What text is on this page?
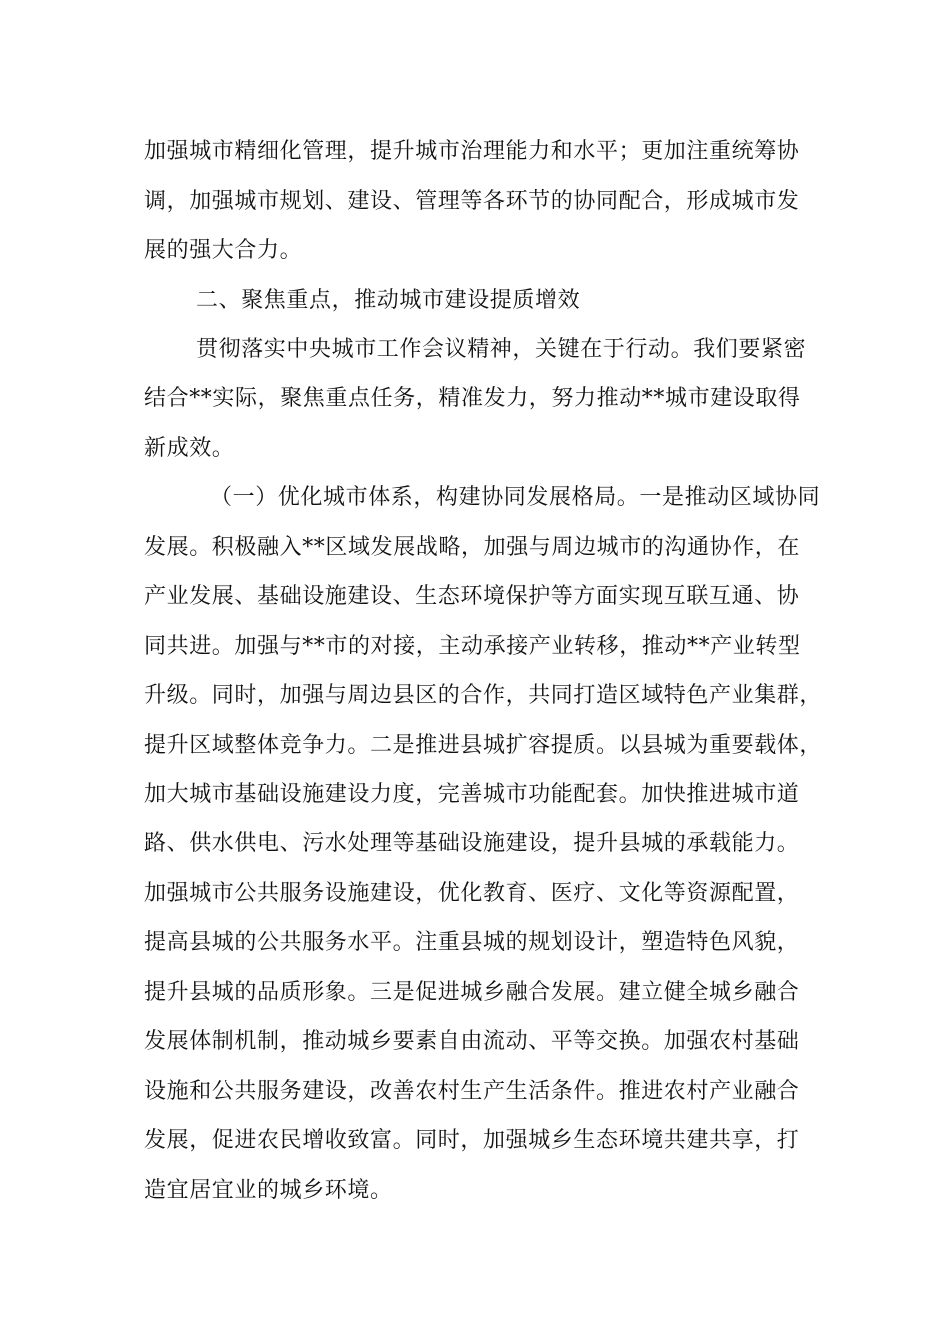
加强城市精细化管理，提升城市治理能力和水平；更加注重统筹协
调，加强城市规划、建设、管理等各环节的协同配合，形成城市发
展的强大合力。
二、聚焦重点，推动城市建设提质增效
贯彻落实中央城市工作会议精神，关键在于行动。我们要紧密
结合**实际，聚焦重点任务，精准发力，努力推动**城市建设取得
新成效。
（一）优化城市体系，构建协同发展格局。一是推动区域协同
发展。积极融入**区域发展战略，加强与周边城市的沟通协作，在
产业发展、基础设施建设、生态环境保护等方面实现互联互通、协
同共进。加强与**市的对接，主动承接产业转移，推动**产业转型
升级。同时，加强与周边县区的合作，共同打造区域特色产业集群，
提升区域整体竞争力。二是推进县城扩容提质。以县城为重要载体，
加大城市基础设施建设力度，完善城市功能配套。加快推进城市道
路、供水供电、污水处理等基础设施建设，提升县城的承载能力。
加强城市公共服务设施建设，优化教育、医疗、文化等资源配置，
提高县城的公共服务水平。注重县城的规划设计，塑造特色风貌，
提升县城的品质形象。三是促进城乡融合发展。建立健全城乡融合
发展体制机制，推动城乡要素自由流动、平等交换。加强农村基础
设施和公共服务建设，改善农村生产生活条件。推进农村产业融合
发展，促进农民增收致富。同时，加强城乡生态环境共建共享，打
造宜居宜业的城乡环境。
